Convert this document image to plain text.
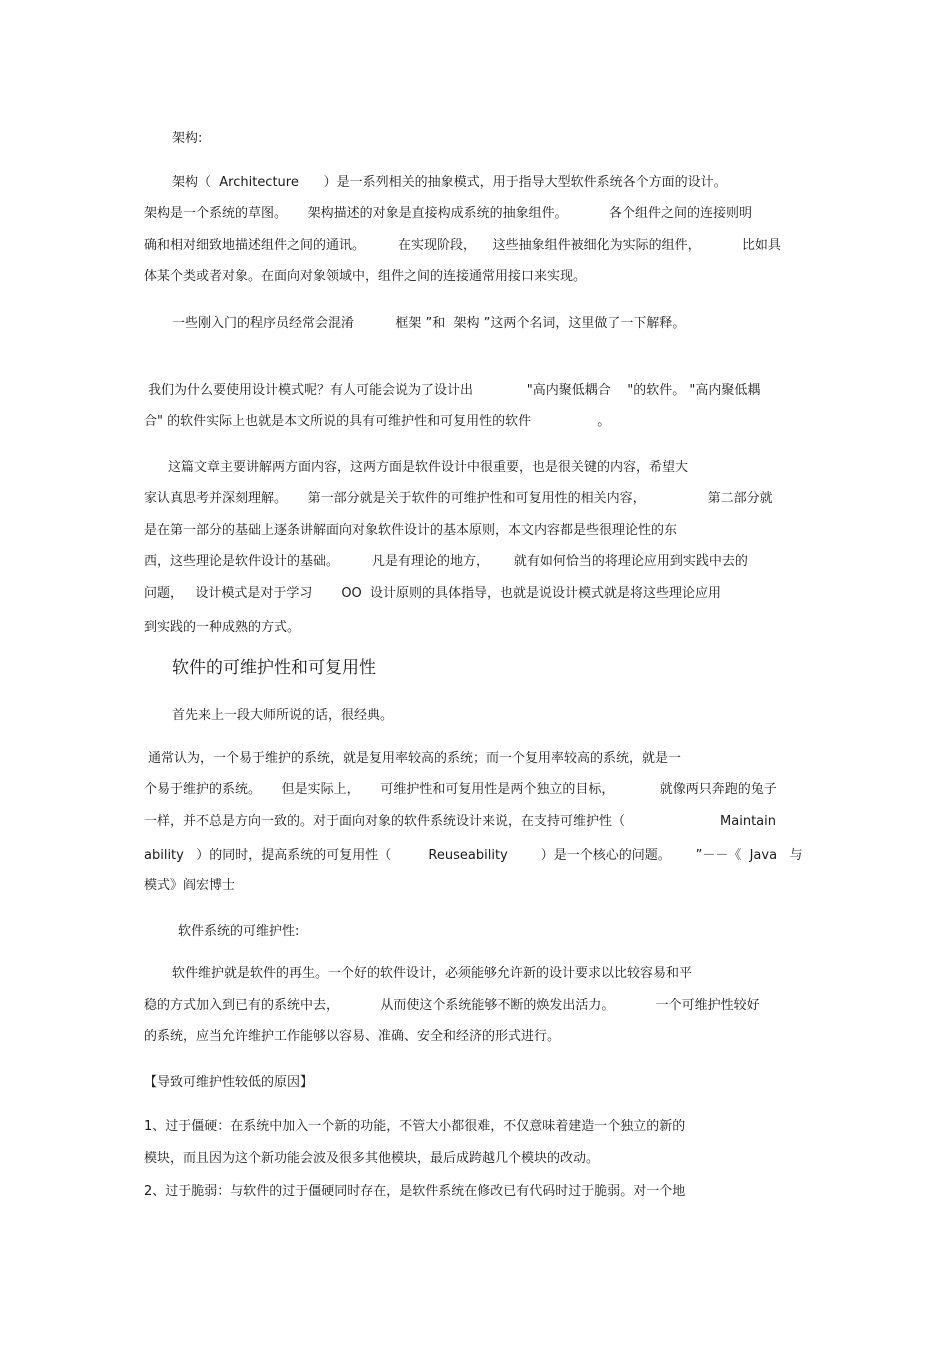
架构:
架构（  Architecture      ）是一系列相关的抽象模式，用于指导大型软件系统各个方面的设计。
架构是一个系统的草图。     架构描述的对象是直接构成系统的抽象组件。          各个组件之间的连接则明
确和相对细致地描述组件之间的通讯。        在实现阶段，    这些抽象组件被细化为实际的组件，          比如具
体某个类或者对象。在面向对象领域中，组件之间的连接通常用接口来实现。
一些刚入门的程序员经常会混淆          框架 ”和  架构 ”这两个名词，这里做了一下解释。
我们为什么要使用设计模式呢？有人可能会说为了设计出             "高内聚低耦合    "的软件。 "高内聚低耦
合" 的软件实际上也就是本文所说的具有可维护性和可复用性的软件                。
这篇文章主要讲解两方面内容，这两方面是软件设计中很重要，也是很关键的内容，希望大
家认真思考并深刻理解。     第一部分就是关于软件的可维护性和可复用性的相关内容，               第二部分就
是在第一部分的基础上逐条讲解面向对象软件设计的基本原则，本文内容都是些很理论性的东
西，这些理论是软件设计的基础。        凡是有理论的地方，      就有如何恰当的将理论应用到实践中去的
问题，   设计模式是对于学习       OO  设计原则的具体指导，也就是说设计模式就是将这些理论应用
到实践的一种成熟的方式。
软件的可维护性和可复用性
首先来上一段大师所说的话，很经典。
通常认为，一个易于维护的系统，就是复用率较高的系统；而一个复用率较高的系统，就是一
个易于维护的系统。     但是实际上，     可维护性和可复用性是两个独立的目标，           就像两只奔跑的兔子
一样，并不总是方向一致的。对于面向对象的软件系统设计来说，在支持可维护性（                       Maintain
ability   ）的同时，提高系统的可复用性（         Reuseability        ）是一个核心的问题。      ”－－《  Java   与
模式》阎宏博士
软件系统的可维护性:
软件维护就是软件的再生。一个好的软件设计，必须能够允许新的设计要求以比较容易和平
稳的方式加入到已有的系统中去，          从而使这个系统能够不断的焕发出活力。          一个可维护性较好
的系统，应当允许维护工作能够以容易、准确、安全和经济的形式进行。
【导致可维护性较低的原因】
1、过于僵硬：在系统中加入一个新的功能，不管大小都很难，不仅意味着建造一个独立的新的
模块，而且因为这个新功能会波及很多其他模块，最后成跨越几个模块的改动。
2、过于脆弱：与软件的过于僵硬同时存在，是软件系统在修改已有代码时过于脆弱。对一个地
